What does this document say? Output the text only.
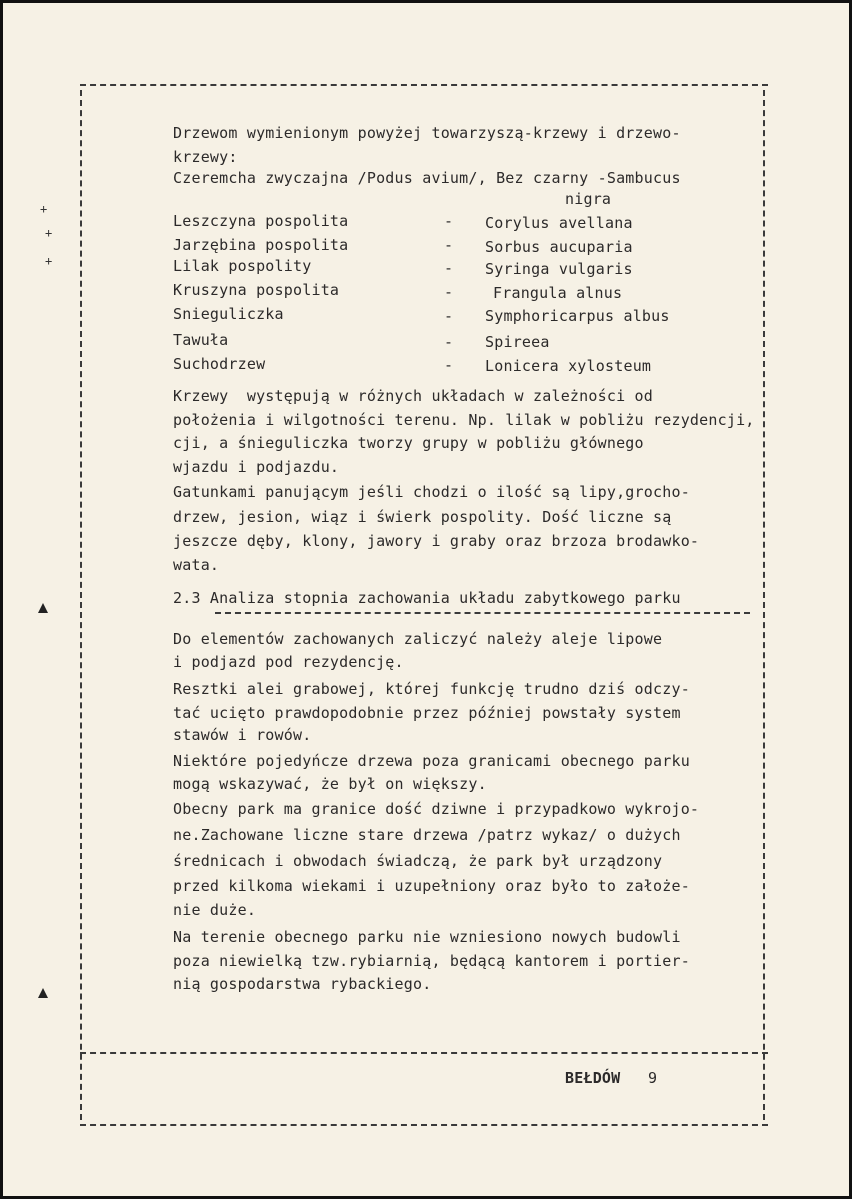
+
+
+
Drzewom wymienionym powyżej towarzyszą-krzewy i drzewo-
krzewy:
Czeremcha zwyczajna /Podus avium/, Bez czarny -Sambucus
nigra
Leszczyna pospolita	- Corylus avellana
Jarzębina pospolita	- Sorbus aucuparia
Lilak pospolity	- Syringa vulgaris
Kruszyna pospolita	-	Frangula alnus
Snieguliczka	- Symphoricarpus albus
Tawuła	- Spireea
Suchodrzew	- Lonicera xylosteum
Krzewy  występują w różnych układach w zależności od
położenia i wilgotności terenu. Np. lilak w pobliżu rezydencji,
cji, a śnieguliczka tworzy grupy w pobliżu głównego
wjazdu i podjazdu.
Gatunkami panującym jeśli chodzi o ilość są lipy,grocho-
drzew, jesion, wiąz i świerk pospolity. Dość liczne są
jeszcze dęby, klony, jawory i graby oraz brzoza brodawko-
wata.
2.3 Analiza stopnia zachowania układu zabytkowego parku
Do elementów zachowanych zaliczyć należy aleje lipowe
i podjazd pod rezydencję.
Resztki alei grabowej, której funkcję trudno dziś odczy-
tać ucięto prawdopodobnie przez później powstały system
stawów i rowów.
Niektóre pojedyńcze drzewa poza granicami obecnego parku
mogą wskazywać, że był on większy.
Obecny park ma granice dość dziwne i przypadkowo wykrojo-
ne.Zachowane liczne stare drzewa /patrz wykaz/ o dużych
średnicach i obwodach świadczą, że park był urządzony
przed kilkoma wiekami i uzupełniony oraz było to założe-
nie duże.
Na terenie obecnego parku nie wzniesiono nowych budowli
poza niewielką tzw.rybiarnią, będącą kantorem i portier-
nią gospodarstwa rybackiego.
BEŁDÓW 9
